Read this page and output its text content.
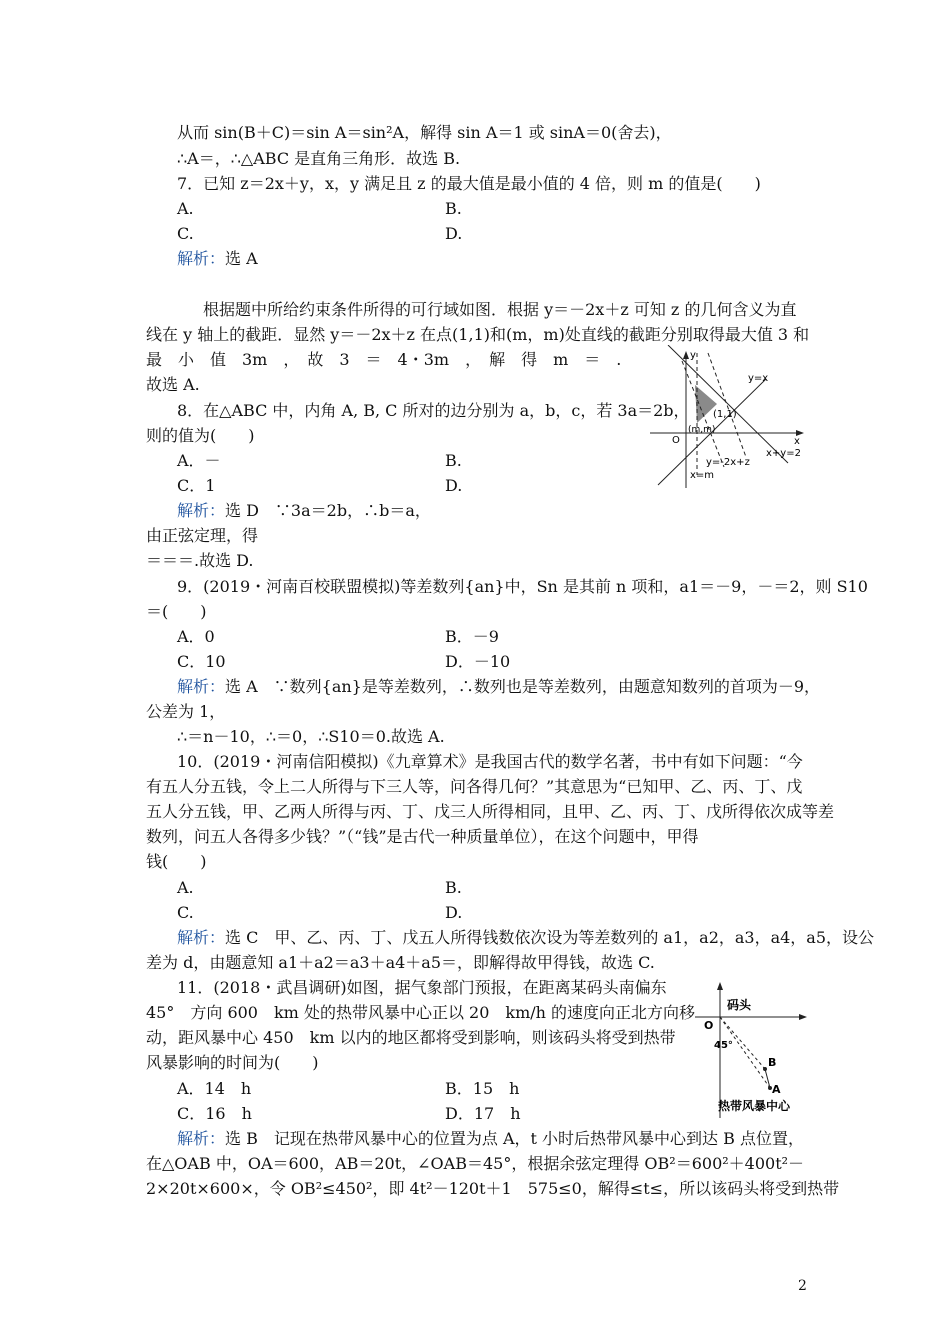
从而 sin(B＋C)＝sin A＝sin²A，解得 sin A＝1 或 sinA＝0(舍去)，
∴A＝，∴△ABC 是直角三角形．故选 B.
7．已知 z＝2x＋y，x，y 满足且 z 的最大值是最小值的 4 倍，则 m 的值是(　　)
A.	B.
C.	D.
解析：选 A
根据题中所给约束条件所得的可行域如图．根据 y＝－2x＋z 可知 z 的几何含义为直
线在 y 轴上的截距．显然 y＝－2x＋z 在点(1,1)和(m，m)处直线的截距分别取得最大值 3 和
最　小　值　3m　，　故　3　＝　4・3m　，　解　得　m　＝　.
故选 A.
y
x
O
y=x
(1,1)
(m,m)
x+y=2
y=-2x+z
x=m
8．在△ABC 中，内角 A, B, C 所对的边分别为 a，b，c，若 3a＝2b，
则的值为(　　)
A．－	B.
C．1	D.
解析：选 D　∵3a＝2b，∴b＝a，
由正弦定理，得
＝＝＝.故选 D.
9．(2019・河南百校联盟模拟)等差数列{an}中，Sn 是其前 n 项和，a1＝－9，－＝2，则 S10
＝(　　)
A．0	B．－9
C．10	D．－10
解析：选 A　∵数列{an}是等差数列，∴数列也是等差数列，由题意知数列的首项为－9，
公差为 1，
∴＝n－10，∴＝0，∴S10＝0.故选 A.
10．(2019・河南信阳模拟)《九章算术》是我国古代的数学名著，书中有如下问题：“今
有五人分五钱，令上二人所得与下三人等，问各得几何？”其意思为“已知甲、乙、丙、丁、戊
五人分五钱，甲、乙两人所得与丙、丁、戊三人所得相同，且甲、乙、丙、丁、戊所得依次成等差
数列，问五人各得多少钱？”（“钱”是古代一种质量单位），在这个问题中，甲得
钱(　　)
A.	B.
C.	D.
解析：选 C　甲、乙、丙、丁、戊五人所得钱数依次设为等差数列的 a1，a2，a3，a4，a5，设公
差为 d，由题意知 a1＋a2＝a3＋a4＋a5＝，即解得故甲得钱，故选 C.
11．(2018・武昌调研)如图，据气象部门预报，在距离某码头南偏东
45°　方向 600　km 处的热带风暴中心正以 20　km/h 的速度向正北方向移
动，距风暴中心 450　km 以内的地区都将受到影响，则该码头将受到热带
风暴影响的时间为(　　)
A．14　h	B．15　h
C．16　h	D．17　h
解析：选 B　记现在热带风暴中心的位置为点 A，t 小时后热带风暴中心到达 B 点位置，
在△OAB 中，OA＝600，AB＝20t，∠OAB＝45°，根据余弦定理得 OB²＝600²＋400t²－
2×20t×600×，令 OB²≤450²，即 4t²－120t＋1　575≤0，解得≤t≤，所以该码头将受到热带
码头
O
45°
B
A
热带风暴中心
2
